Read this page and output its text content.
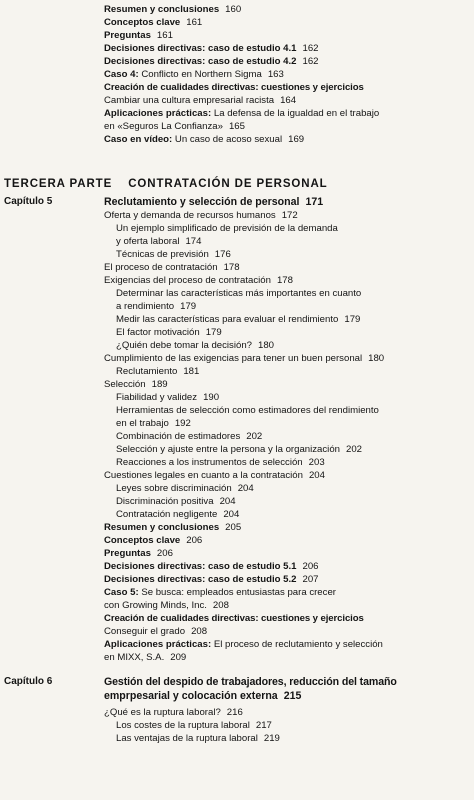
Resumen y conclusiones 160
Conceptos clave 161
Preguntas 161
Decisiones directivas: caso de estudio 4.1 162
Decisiones directivas: caso de estudio 4.2 162
Caso 4: Conflicto en Northern Sigma 163
Creación de cualidades directivas: cuestiones y ejercicios
Cambiar una cultura empresarial racista 164
Aplicaciones prácticas: La defensa de la igualdad en el trabajo
en «Seguros La Confianza» 165
Caso en vídeo: Un caso de acoso sexual 169
TERCERA PARTE CONTRATACIÓN DE PERSONAL
Capítulo 5	Reclutamiento y selección de personal 171
Oferta y demanda de recursos humanos 172
Un ejemplo simplificado de previsión de la demanda
y oferta laboral 174
Técnicas de previsión 176
El proceso de contratación 178
Exigencias del proceso de contratación 178
Determinar las características más importantes en cuanto
a rendimiento 179
Medir las características para evaluar el rendimiento 179
El factor motivación 179
¿Quién debe tomar la decisión? 180
Cumplimiento de las exigencias para tener un buen personal 180
Reclutamiento 181
Selección 189
Fiabilidad y validez 190
Herramientas de selección como estimadores del rendimiento
en el trabajo 192
Combinación de estimadores 202
Selección y ajuste entre la persona y la organización 202
Reacciones a los instrumentos de selección 203
Cuestiones legales en cuanto a la contratación 204
Leyes sobre discriminación 204
Discriminación positiva 204
Contratación negligente 204
Resumen y conclusiones 205
Conceptos clave 206
Preguntas 206
Decisiones directivas: caso de estudio 5.1 206
Decisiones directivas: caso de estudio 5.2 207
Caso 5: Se busca: empleados entusiastas para crecer
con Growing Minds, Inc. 208
Creación de cualidades directivas: cuestiones y ejercicios
Conseguir el grado 208
Aplicaciones prácticas: El proceso de reclutamiento y selección
en MIXX, S.A. 209
Capítulo 6	Gestión del despido de trabajadores, reducción del tamaño
emprpesarial y colocación externa 215
¿Qué es la ruptura laboral? 216
Los costes de la ruptura laboral 217
Las ventajas de la ruptura laboral 219
